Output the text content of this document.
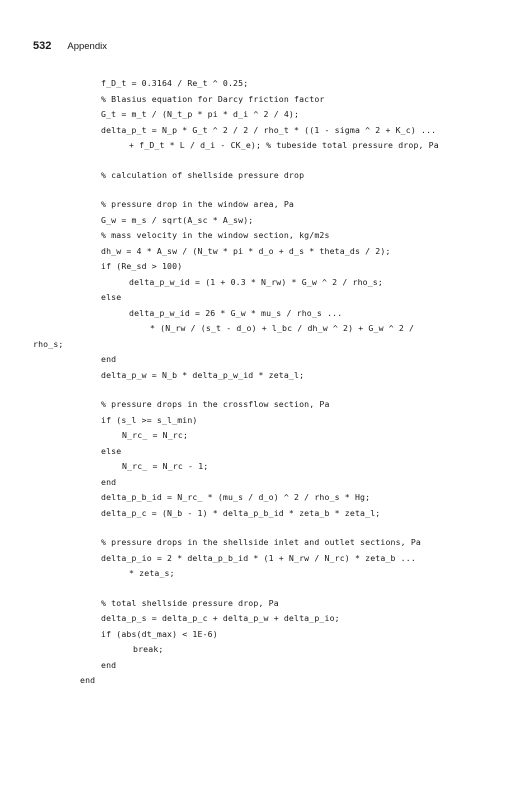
532 Appendix
f_D_t = 0.3164 / Re_t ^ 0.25;
% Blasius equation for Darcy friction factor
G_t = m_t / (N_t_p * pi * d_i ^ 2 / 4);
delta_p_t = N_p * G_t ^ 2 / 2 / rho_t * ((1 - sigma ^ 2 + K_c) ...
+ f_D_t * L / d_i - CK_e); % tubeside total pressure drop, Pa
% calculation of shellside pressure drop
% pressure drop in the window area, Pa
G_w = m_s / sqrt(A_sc * A_sw);
% mass velocity in the window section, kg/m2s
dh_w = 4 * A_sw / (N_tw * pi * d_o + d_s * theta_ds / 2);
if (Re_sd > 100)
delta_p_w_id = (1 + 0.3 * N_rw) * G_w ^ 2 / rho_s;
else
delta_p_w_id = 26 * G_w * mu_s / rho_s ...
* (N_rw / (s_t - d_o) + l_bc / dh_w ^ 2) + G_w ^ 2 /
rho_s;
end
delta_p_w = N_b * delta_p_w_id * zeta_l;
% pressure drops in the crossflow section, Pa
if (s_l >= s_l_min)
N_rc_ = N_rc;
else
N_rc_ = N_rc - 1;
end
delta_p_b_id = N_rc_ * (mu_s / d_o) ^ 2 / rho_s * Hg;
delta_p_c = (N_b - 1) * delta_p_b_id * zeta_b * zeta_l;
% pressure drops in the shellside inlet and outlet sections, Pa
delta_p_io = 2 * delta_p_b_id * (1 + N_rw / N_rc) * zeta_b ...
* zeta_s;
% total shellside pressure drop, Pa
delta_p_s = delta_p_c + delta_p_w + delta_p_io;
if (abs(dt_max) < 1E-6)
break;
end
end
